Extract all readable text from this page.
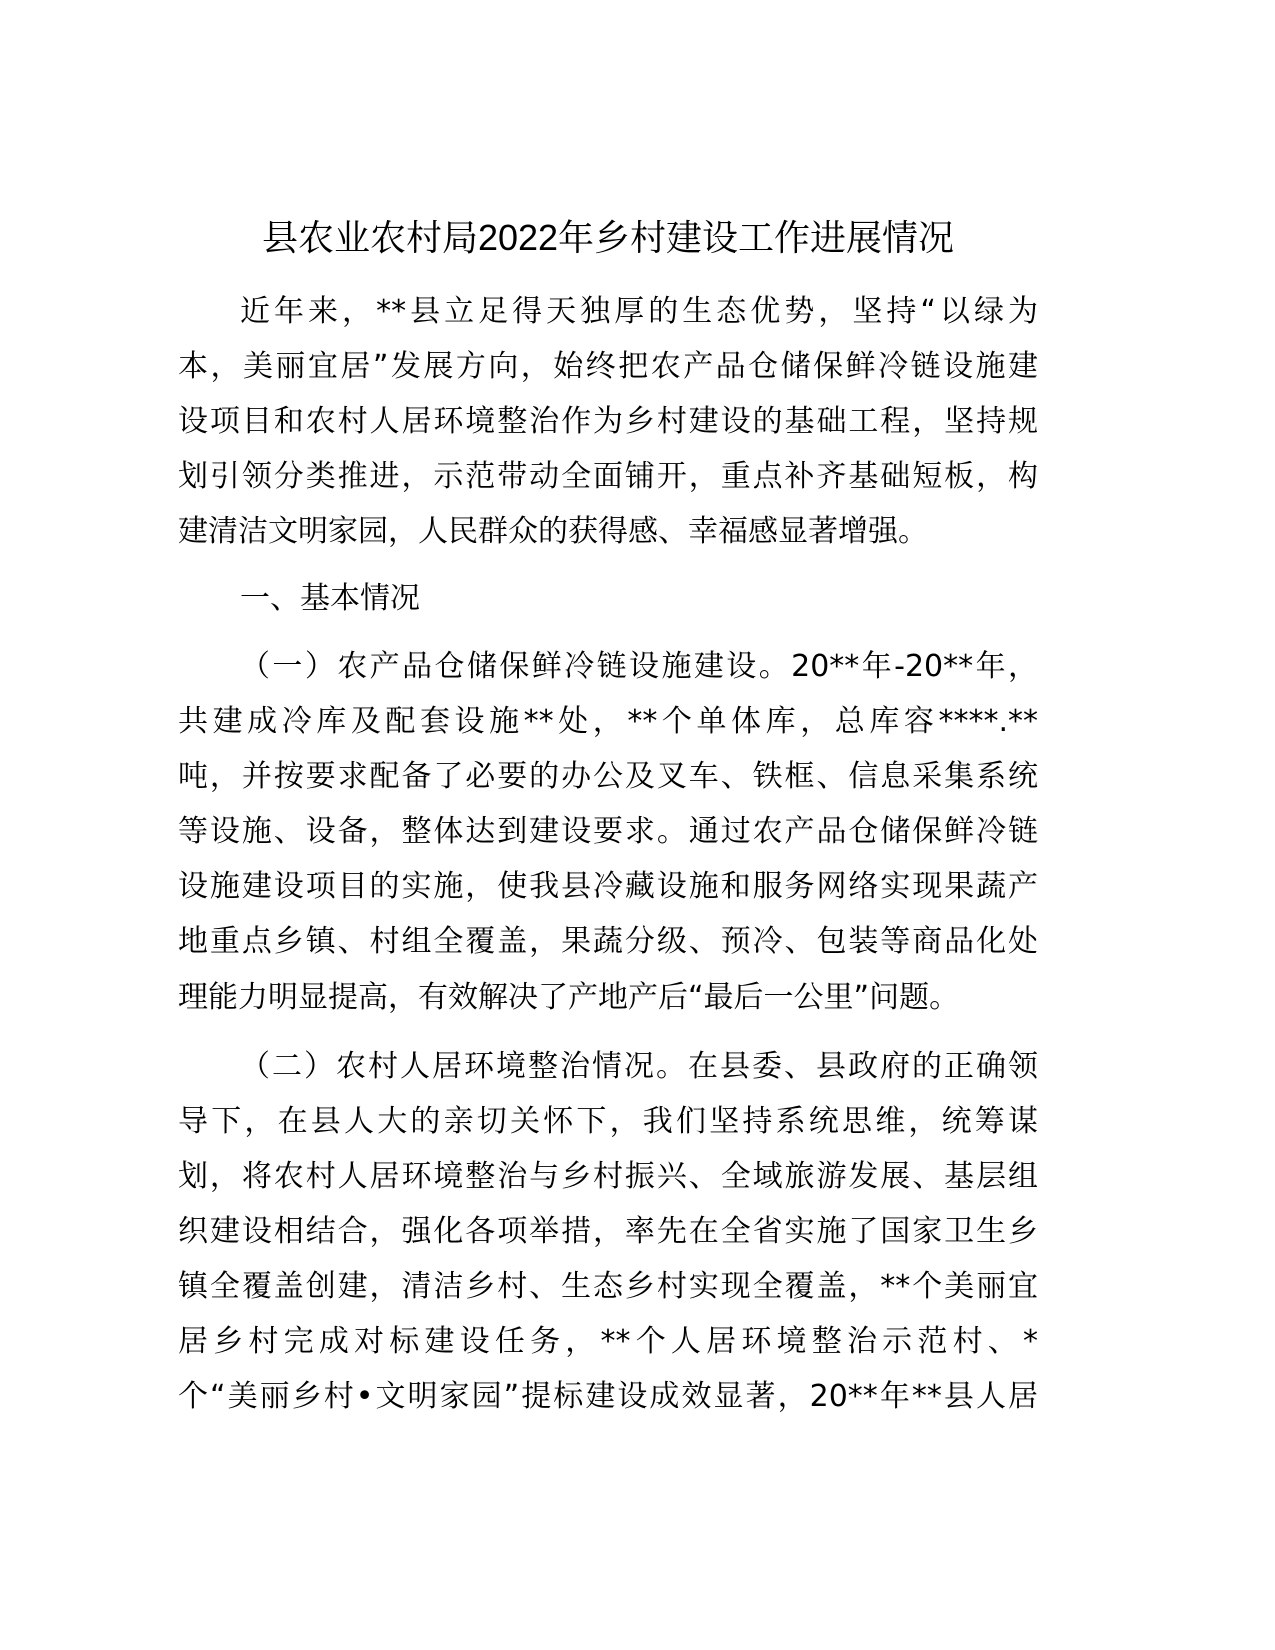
县农业农村局2022年乡村建设工作进展情况
近年来，**县立足得天独厚的生态优势，坚持“以绿为
本，美丽宜居”发展方向，始终把农产品仓储保鲜冷链设施建
设项目和农村人居环境整治作为乡村建设的基础工程，坚持规
划引领分类推进，示范带动全面铺开，重点补齐基础短板，构
建清洁文明家园，人民群众的获得感、幸福感显著增强。
一、基本情况
（一）农产品仓储保鲜冷链设施建设。20**年-20**年，
共建成冷库及配套设施**处，**个单体库，总库容****.**
吨，并按要求配备了必要的办公及叉车、铁框、信息采集系统
等设施、设备，整体达到建设要求。通过农产品仓储保鲜冷链
设施建设项目的实施，使我县冷藏设施和服务网络实现果蔬产
地重点乡镇、村组全覆盖，果蔬分级、预冷、包装等商品化处
理能力明显提高，有效解决了产地产后“最后一公里”问题。
（二）农村人居环境整治情况。在县委、县政府的正确领
导下，在县人大的亲切关怀下，我们坚持系统思维，统筹谋
划，将农村人居环境整治与乡村振兴、全域旅游发展、基层组
织建设相结合，强化各项举措，率先在全省实施了国家卫生乡
镇全覆盖创建，清洁乡村、生态乡村实现全覆盖，**个美丽宜
居乡村完成对标建设任务，**个人居环境整治示范村、*
个“美丽乡村•文明家园”提标建设成效显著，20**年**县人居
